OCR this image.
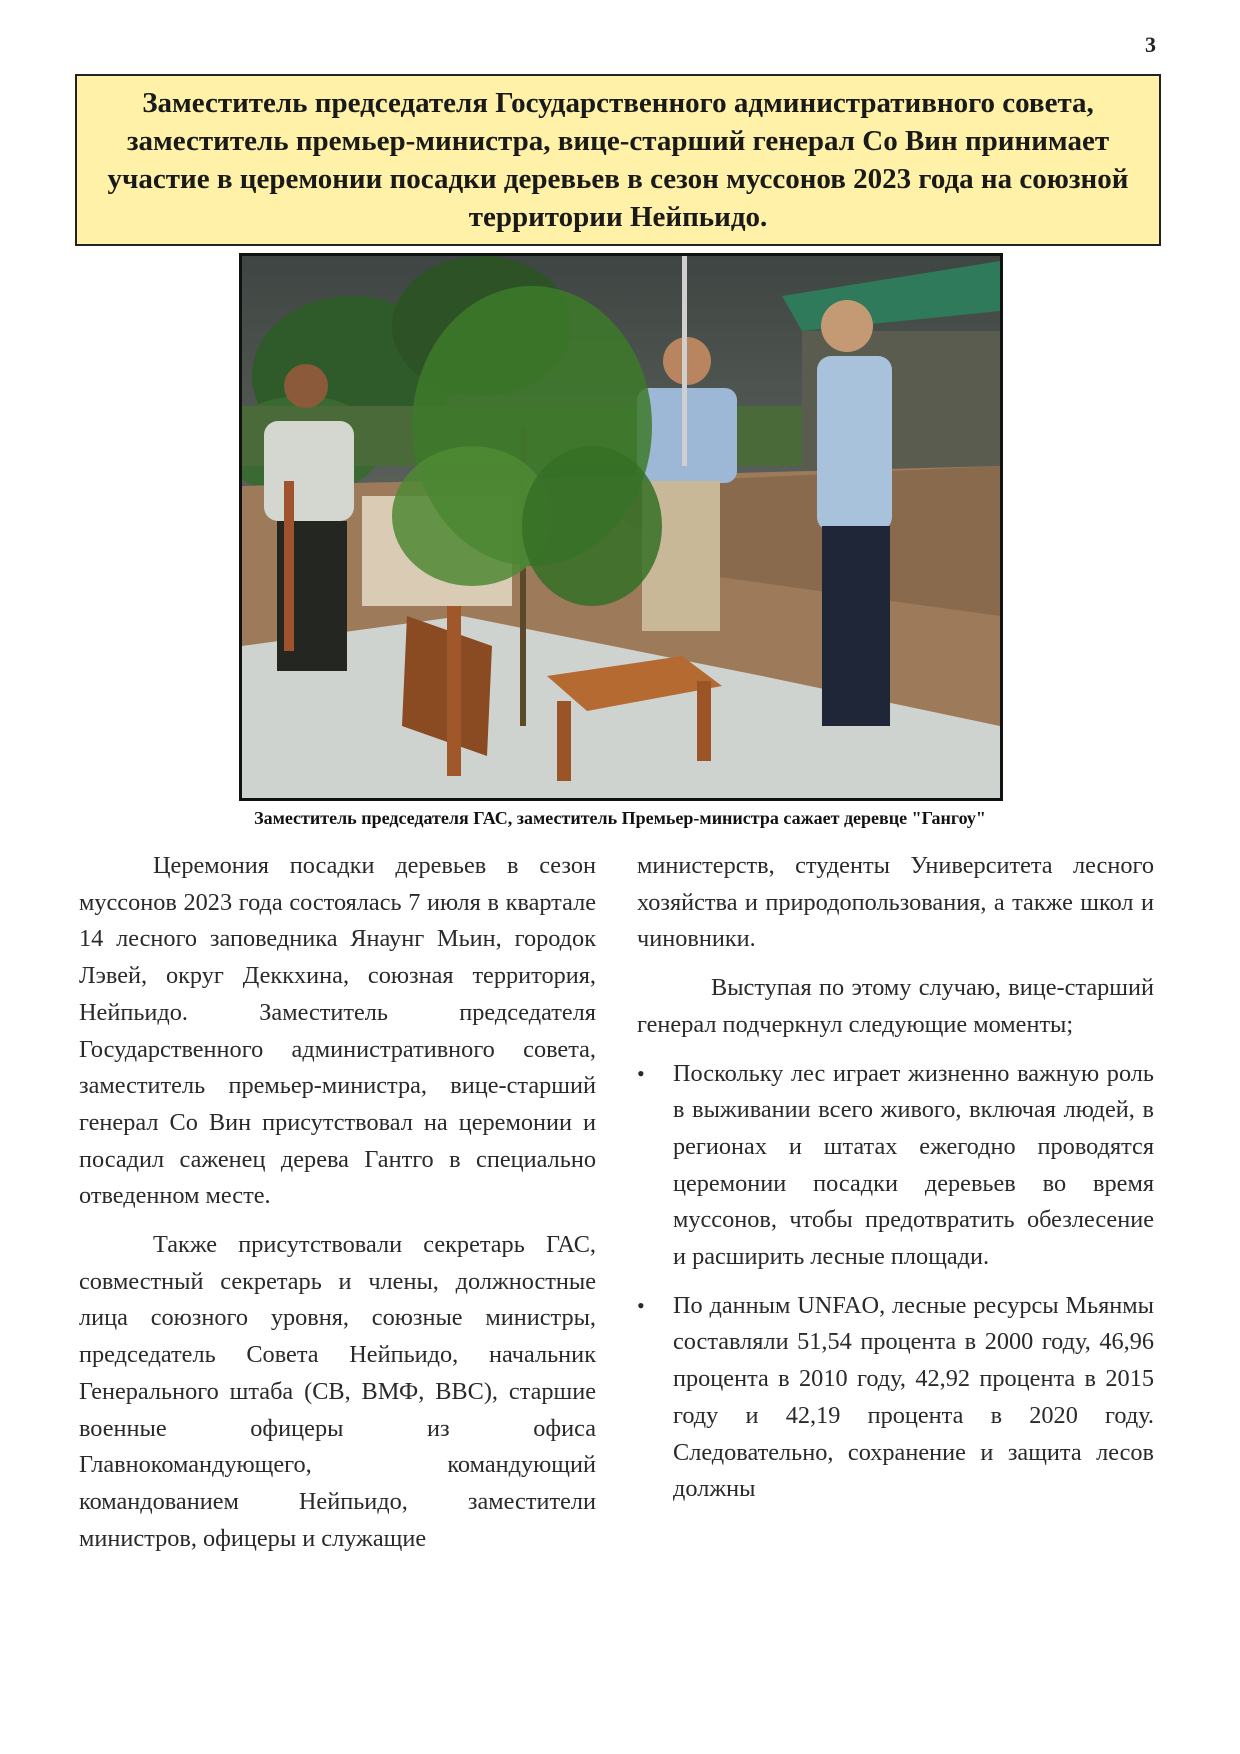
3
Заместитель председателя Государственного административного совета, заместитель премьер-министра, вице-старший генерал Со Вин принимает участие в церемонии посадки деревьев в сезон муссонов 2023 года на союзной территории Нейпьидо.
Заместитель председателя ГАС, заместитель Премьер-министра сажает деревце "Гангоу"

Церемония посадки деревьев в сезон муссонов 2023 года состоялась 7 июля в квартале 14 лесного заповедника Янаунг Мьин, городок Лэвей, округ Деккхина, союзная территория, Нейпьидо. Заместитель председателя Государственного административного совета, заместитель премьер-министра, вице-старший генерал Со Вин присутствовал на церемонии и посадил саженец дерева Гантго в специально отведенном месте.

Также присутствовали секретарь ГАС, совместный секретарь и члены, должностные лица союзного уровня, союзные министры, председатель Совета Нейпьидо, начальник Генерального штаба (СВ, ВМФ, ВВС), старшие военные офицеры из офиса Главнокомандующего, командующий командованием Нейпьидо, заместители министров, офицеры и служащие

министерств, студенты Университета лесного хозяйства и природопользования, а также школ и чиновники.

Выступая по этому случаю, вице-старший генерал подчеркнул следующие моменты;

• Поскольку лес играет жизненно важную роль в выживании всего живого, включая людей, в регионах и штатах ежегодно проводятся церемонии посадки деревьев во время муссонов, чтобы предотвратить обезлесение и расширить лесные площади.
• По данным UNFAO, лесные ресурсы Мьянмы составляли 51,54 процента в 2000 году, 46,96 процента в 2010 году, 42,92 процента в 2015 году и 42,19 процента в 2020 году. Следовательно, сохранение и защита лесов должны
